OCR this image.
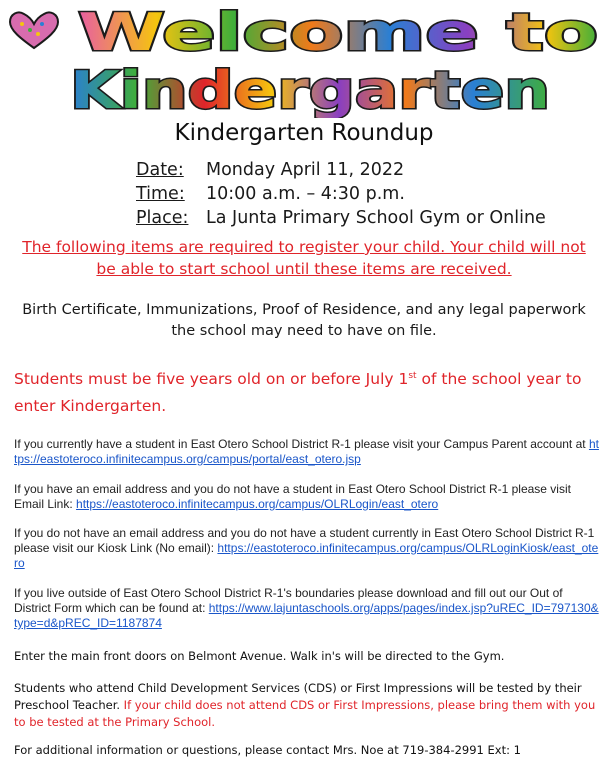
Welcome to
Kindergarten
Kindergarten Roundup
Date:	Monday April 11, 2022
Time:	10:00 a.m. – 4:30 p.m.
Place:	La Junta Primary School Gym or Online
The following items are required to register your child. Your child will not be able to start school until these items are received.
Birth Certificate, Immunizations, Proof of Residence, and any legal paperwork the school may need to have on file.
Students must be five years old on or before July 1st of the school year to enter Kindergarten.
If you currently have a student in East Otero School District R-1 please visit your Campus Parent account at https://eastoteroco.infinitecampus.org/campus/portal/east_otero.jsp
If you have an email address and you do not have a student in East Otero School District R-1 please visit Email Link: https://eastoteroco.infinitecampus.org/campus/OLRLogin/east_otero
If you do not have an email address and you do not have a student currently in East Otero School District R-1 please visit our Kiosk Link (No email): https://eastoteroco.infinitecampus.org/campus/OLRLoginKiosk/east_otero
If you live outside of East Otero School District R-1's boundaries please download and fill out our Out of District Form which can be found at: https://www.lajuntaschools.org/apps/pages/index.jsp?uREC_ID=797130&type=d&pREC_ID=1187874
Enter the main front doors on Belmont Avenue. Walk in's will be directed to the Gym.
Students who attend Child Development Services (CDS) or First Impressions will be tested by their Preschool Teacher. If your child does not attend CDS or First Impressions, please bring them with you to be tested at the Primary School.
For additional information or questions, please contact Mrs. Noe at 719-384-2991 Ext: 1
